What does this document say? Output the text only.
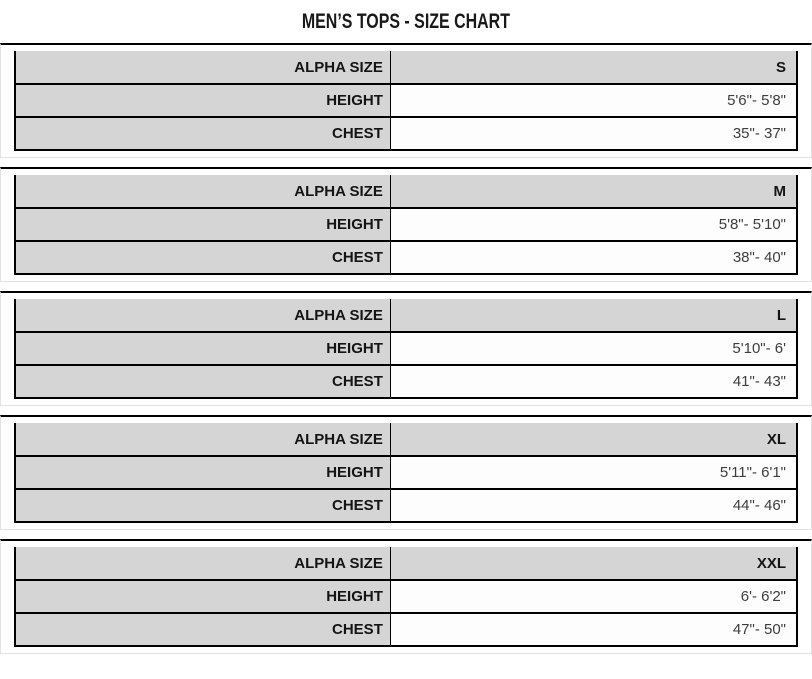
MEN’S TOPS - SIZE CHART
ALPHA SIZE	S
HEIGHT	5'6"- 5'8"
CHEST	35"- 37"
ALPHA SIZE	M
HEIGHT	5'8"- 5'10"
CHEST	38"- 40"
ALPHA SIZE	L
HEIGHT	5'10"- 6'
CHEST	41"- 43"
ALPHA SIZE	XL
HEIGHT	5'11"- 6'1"
CHEST	44"- 46"
ALPHA SIZE	XXL
HEIGHT	6'- 6'2"
CHEST	47"- 50"
